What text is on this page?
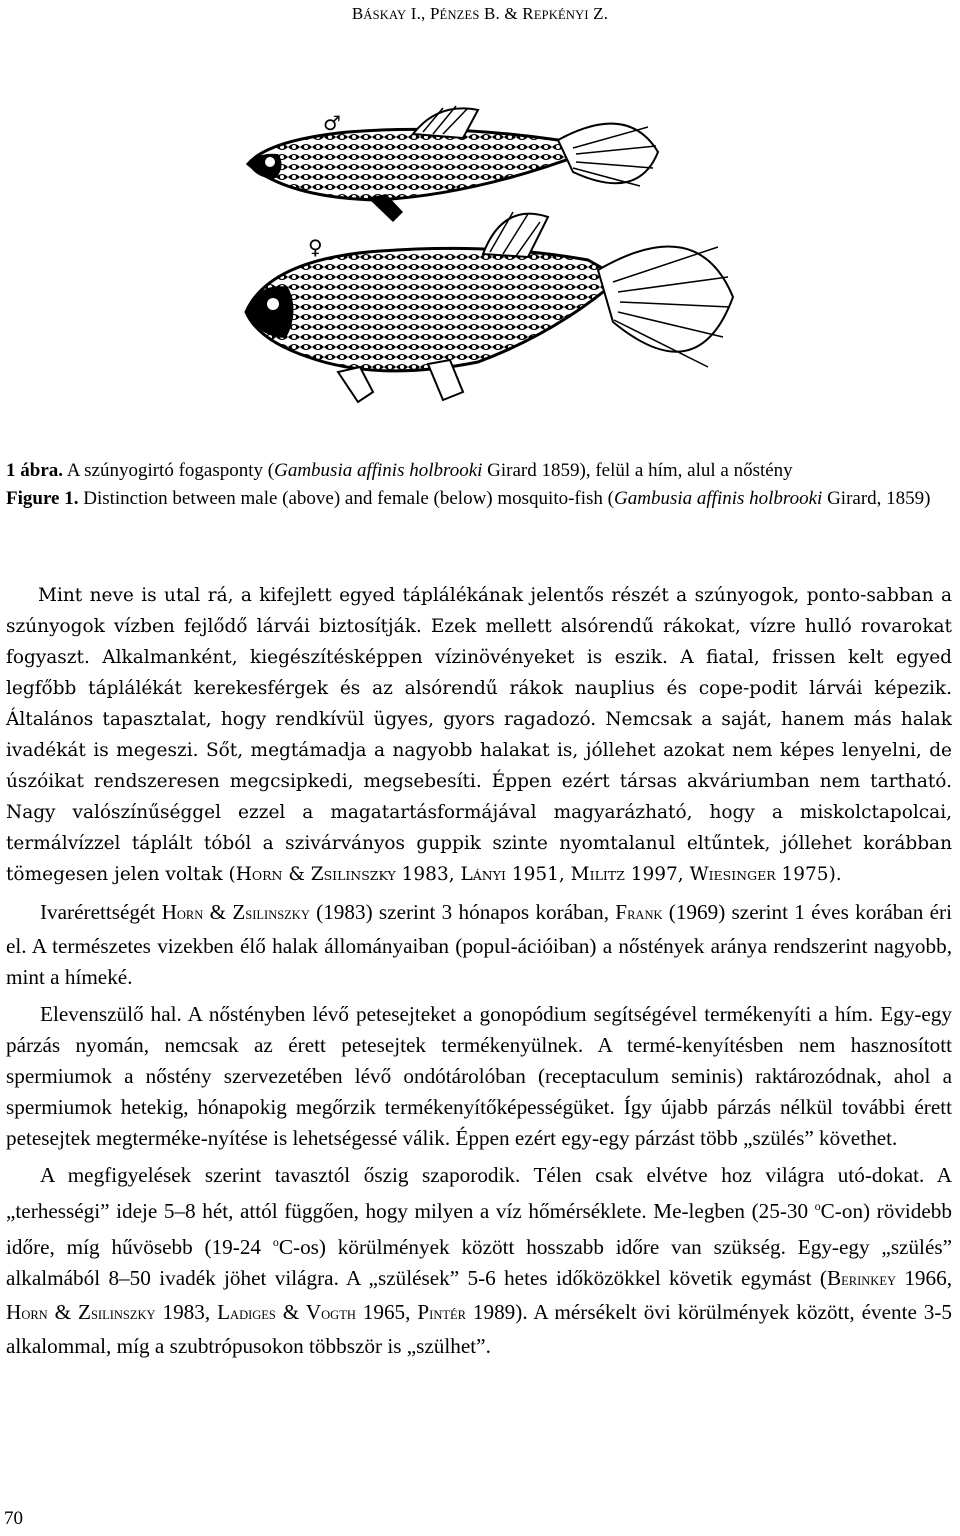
BÁSKAY I., PÉNZES B. & REPKÉNYI Z.
♂
♀
1 ábra. A szúnyogirtó fogasponty (Gambusia affinis holbrooki Girard 1859), felül a hím, alul a nőstény
Figure 1. Distinction between male (above) and female (below) mosquito-fish (Gambusia affinis holbrooki Girard, 1859)

Mint neve is utal rá, a kifejlett egyed táplálékának jelentős részét a szúnyogok, ponto-sabban a szúnyogok vízben fejlődő lárvái biztosítják. Ezek mellett alsórendű rákokat, vízre hulló rovarokat fogyaszt. Alkalmanként, kiegészítésképpen vízinövényeket is eszik. A fiatal, frissen kelt egyed legfőbb táplálékát kerekesférgek és az alsórendű rákok nauplius és cope-podit lárvái képezik. Általános tapasztalat, hogy rendkívül ügyes, gyors ragadozó. Nemcsak a saját, hanem más halak ivadékát is megeszi. Sőt, megtámadja a nagyobb halakat is, jóllehet azokat nem képes lenyelni, de úszóikat rendszeresen megcsipkedi, megsebesíti. Éppen ezért társas akváriumban nem tartható. Nagy valószínűséggel ezzel a magatartásformájával magyarázható, hogy a miskolctapolcai, termálvízzel táplált tóból a szivárványos guppik szinte nyomtalanul eltűntek, jóllehet korábban tömegesen jelen voltak (HORN & ZSILINSZKY 1983, LÁNYI 1951, MILITZ 1997, WIESINGER 1975).

Ivarérettségét HORN & ZSILINSZKY (1983) szerint 3 hónapos korában, FRANK (1969) szerint 1 éves korában éri el. A természetes vizekben élő halak állományaiban (popul-ációiban) a nőstények aránya rendszerint nagyobb, mint a hímeké.

Elevenszülő hal. A nőstényben lévő petesejteket a gonopódium segítségével termékenyíti a hím. Egy-egy párzás nyomán, nemcsak az érett petesejtek termékenyülnek. A termé-kenyítésben nem hasznosított spermiumok a nőstény szervezetében lévő ondótárolóban (receptaculum seminis) raktározódnak, ahol a spermiumok hetekig, hónapokig megőrzik termékenyítőképességüket. Így újabb párzás nélkül további érett petesejtek megterméke-nyítése is lehetségessé válik. Éppen ezért egy-egy párzást több „szülés” követhet.

A megfigyelések szerint tavasztól őszig szaporodik. Télen csak elvétve hoz világra utó-dokat. A „terhességi” ideje 5–8 hét, attól függően, hogy milyen a víz hőmérséklete. Me-legben (25-30 $^o$C-on) rövidebb időre, míg hűvösebb (19-24 $^o$C-os) körülmények között hosszabb időre van szükség. Egy-egy „szülés” alkalmából 8–50 ivadék jöhet világra. A „szülések” 5-6 hetes időközökkel követik egymást (BERINKEY 1966, HORN & ZSILINSZKY 1983, LADIGES & VOGTH 1965, PINTÉR 1989). A mérsékelt övi körülmények között, évente 3-5 alkalommal, míg a szubtrópusokon többször is „szülhet”.

70
